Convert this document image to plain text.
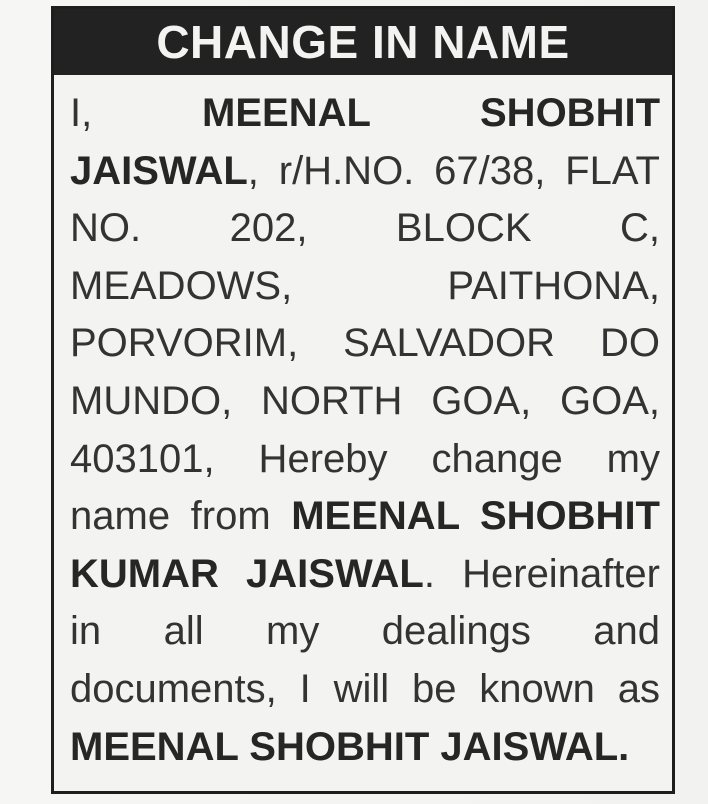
CHANGE IN NAME
I, MEENAL SHOBHIT
JAISWAL, r/H.NO. 67/38, FLAT
NO. 202, BLOCK C,
MEADOWS, PAITHONA,
PORVORIM, SALVADOR DO
MUNDO, NORTH GOA, GOA,
403101, Hereby change my
name from MEENAL SHOBHIT
KUMAR JAISWAL. Hereinafter
in all my dealings and
documents, I will be known as
MEENAL SHOBHIT JAISWAL.
